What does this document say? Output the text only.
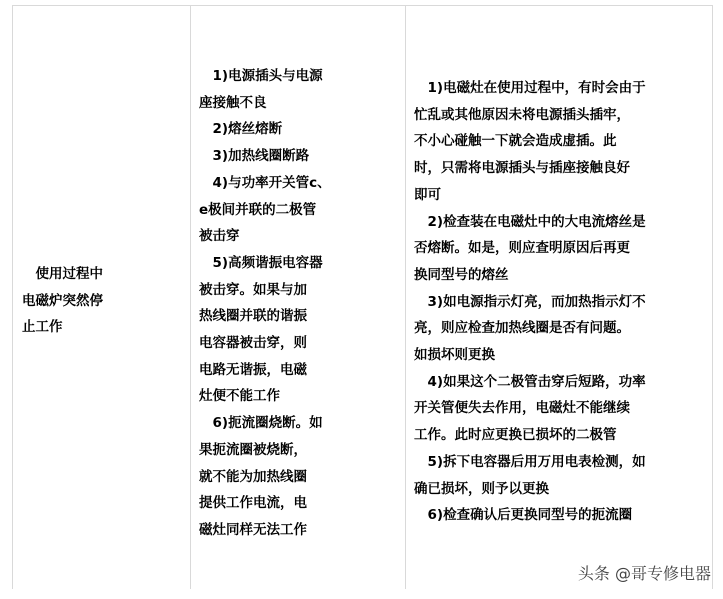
　使用过程中
电磁炉突然停
止工作
　1)电源插头与电源
座接触不良
　2)熔丝熔断
　3)加热线圈断路
　4)与功率开关管c、
e极间并联的二极管
被击穿
　5)高频谐振电容器
被击穿。如果与加
热线圈并联的谐振
电容器被击穿，则
电路无谐振，电磁
灶便不能工作
　6)扼流圈烧断。如
果扼流圈被烧断，
就不能为加热线圈
提供工作电流，电
磁灶同样无法工作
　1)电磁灶在使用过程中，有时会由于
忙乱或其他原因未将电源插头插牢，
不小心碰触一下就会造成虚插。此
时，只需将电源插头与插座接触良好
即可
　2)检查装在电磁灶中的大电流熔丝是
否熔断。如是，则应查明原因后再更
换同型号的熔丝
　3)如电源指示灯亮，而加热指示灯不
亮，则应检查加热线圈是否有问题。
如损坏则更换
　4)如果这个二极管击穿后短路，功率
开关管便失去作用，电磁灶不能继续
工作。此时应更换已损坏的二极管
　5)拆下电容器后用万用电表检测，如
确已损坏，则予以更换
　6)检查确认后更换同型号的扼流圈
头条 @哥专修电器
